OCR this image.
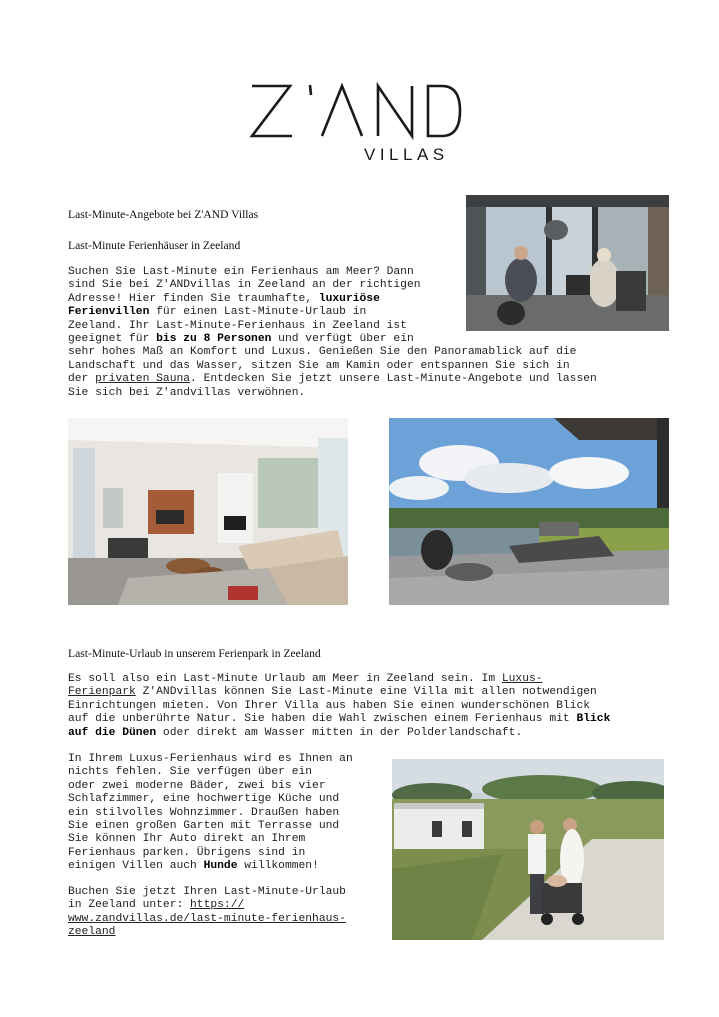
VILLAS
Last-Minute-Angebote bei Z'AND Villas
Last-Minute Ferienhäuser in Zeeland
Suchen Sie Last-Minute ein Ferienhaus am Meer? Dann
sind Sie bei Z'ANDvillas in Zeeland an der richtigen
Adresse! Hier finden Sie traumhafte, luxuriöse
Ferienvillen für einen Last-Minute-Urlaub in
Zeeland. Ihr Last-Minute-Ferienhaus in Zeeland ist
geeignet für bis zu 8 Personen und verfügt über ein
sehr hohes Maß an Komfort und Luxus. Genießen Sie den Panoramablick auf die
Landschaft und das Wasser, sitzen Sie am Kamin oder entspannen Sie sich in
der privaten Sauna. Entdecken Sie jetzt unsere Last-Minute-Angebote und lassen
Sie sich bei Z'andvillas verwöhnen.
Last-Minute-Urlaub in unserem Ferienpark in Zeeland
Es soll also ein Last-Minute Urlaub am Meer in Zeeland sein. Im Luxus-
Ferienpark Z'ANDvillas können Sie Last-Minute eine Villa mit allen notwendigen
Einrichtungen mieten. Von Ihrer Villa aus haben Sie einen wunderschönen Blick
auf die unberührte Natur. Sie haben die Wahl zwischen einem Ferienhaus mit Blick
auf die Dünen oder direkt am Wasser mitten in der Polderlandschaft.
In Ihrem Luxus-Ferienhaus wird es Ihnen an
nichts fehlen. Sie verfügen über ein
oder zwei moderne Bäder, zwei bis vier
Schlafzimmer, eine hochwertige Küche und
ein stilvolles Wohnzimmer. Draußen haben
Sie einen großen Garten mit Terrasse und
Sie können Ihr Auto direkt an Ihrem
Ferienhaus parken. Übrigens sind in
einigen Villen auch Hunde willkommen!
Buchen Sie jetzt Ihren Last-Minute-Urlaub
in Zeeland unter: https://
www.zandvillas.de/last-minute-ferienhaus-
zeeland
